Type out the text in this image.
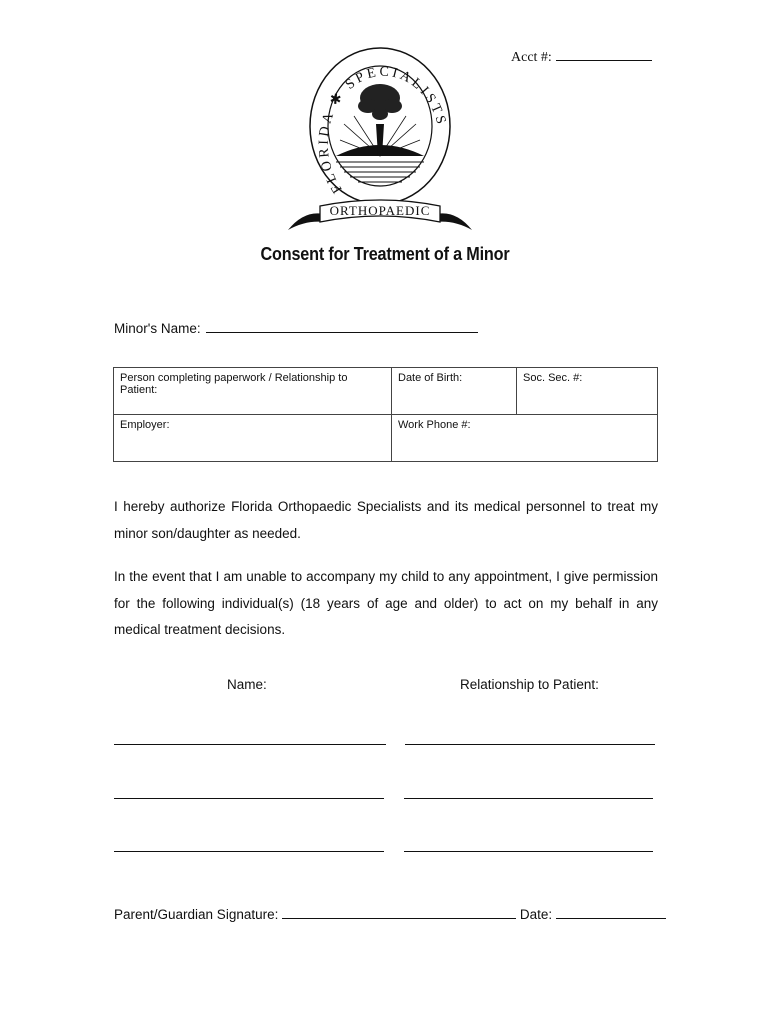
Acct #:
FLORIDA ✱ SPECIALISTS
ORTHOPAEDIC
Consent for Treatment of a Minor
Minor's Name:
Person completing paperwork / Relationship to Patient:	Date of Birth:	Soc. Sec. #:
Employer:	Work Phone #:	
I hereby authorize Florida Orthopaedic Specialists and its medical personnel to treat my minor son/daughter as needed.
In the event that I am unable to accompany my child to any appointment, I give permission for the following individual(s) (18 years of age and older) to act on my behalf in any medical treatment decisions.
Name:	Relationship to Patient:
Parent/Guardian Signature:	Date:
